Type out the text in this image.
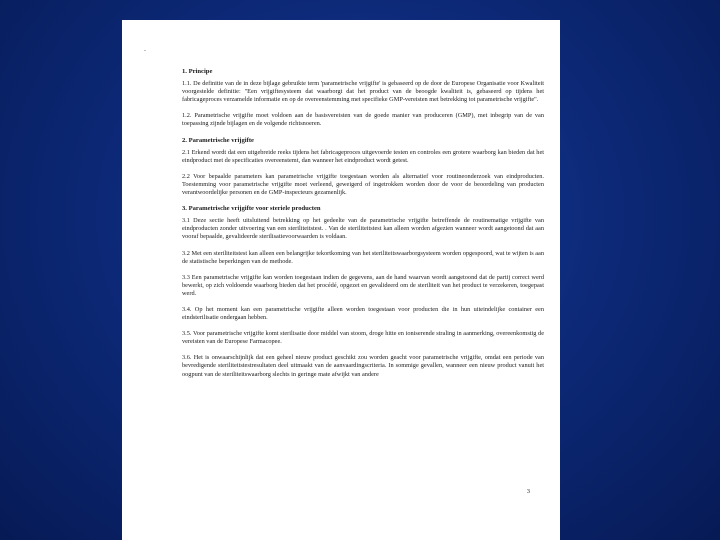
-
1. Principe
1.1. De definitie van de in deze bijlage gebruikte term 'parametrische vrijgifte' is gebaseerd op de door de Europese Organisatie voor Kwaliteit voorgestelde definitie: "Een vrijgiftesysteem dat waarborgt dat het product van de beoogde kwaliteit is, gebaseerd op tijdens het fabricageproces verzamelde informatie en op de overeenstemming met specifieke GMP-vereisten met betrekking tot parametrische vrijgifte".
1.2. Parametrische vrijgifte moet voldoen aan de basisvereisten van de goede manier van produceren (GMP), met inbegrip van de van toepassing zijnde bijlagen en de volgende richtsnoeren.
2. Parametrische vrijgifte
2.1 Erkend wordt dat een uitgebreide reeks tijdens het fabricageproces uitgevoerde testen en controles een grotere waarborg kan bieden dat het eindproduct met de specificaties overeenstemt, dan wanneer het eindproduct wordt getest.
2.2 Voor bepaalde parameters kan parametrische vrijgifte toegestaan worden als alternatief voor routineonderzoek van eindproducten. Toestemming voor parametrische vrijgifte moet verleend, geweigerd of ingetrokken worden door de voor de beoordeling van producten verantwoordelijke personen en de GMP-inspecteurs gezamenlijk.
3. Parametrische vrijgifte voor steriele producten
3.1 Deze sectie heeft uitsluitend betrekking op het gedeelte van de parametrische vrijgifte betreffende de routinematige vrijgifte van eindproducten zonder uitvoering van een steriliteitstest. . Van de steriliteitstest kan alleen worden afgezien wanneer wordt aangetoond dat aan vooraf bepaalde, gevalideerde sterilisatievoorwaarden is voldaan.
3.2 Met een steriliteitstest kan alleen een belangrijke tekortkoming van het steriliteitswaarborgsysteem worden opgespoord, wat te wijten is aan de statistische beperkingen van de methode.
3.3 Een parametrische vrijgifte kan worden toegestaan indien de gegevens, aan de hand waarvan wordt aangetoond dat de partij correct werd bewerkt, op zich voldoende waarborg bieden dat het procédé, opgezet en gevalideerd om de steriliteit van het product te verzekeren, toegepast werd.
3.4. Op het moment kan een parametrische vrijgifte alleen worden toegestaan voor producten die in hun uiteindelijke container een eindsterilisatie ondergaan hebben.
3.5. Voor parametrische vrijgifte komt sterilisatie door middel van stoom, droge hitte en ioniserende straling in aanmerking, overeenkomstig de vereisten van de Europese Farmacopee.
3.6. Het is onwaarschijnlijk dat een geheel nieuw product geschikt zou worden geacht voor parametrische vrijgifte, omdat een periode van bevredigende steriliteitstestresultaten deel uitmaakt van de aanvaardingscriteria. In sommige gevallen, wanneer een nieuw product vanuit het oogpunt van de steriliteitswaarborg slechts in geringe mate afwijkt van andere
3
